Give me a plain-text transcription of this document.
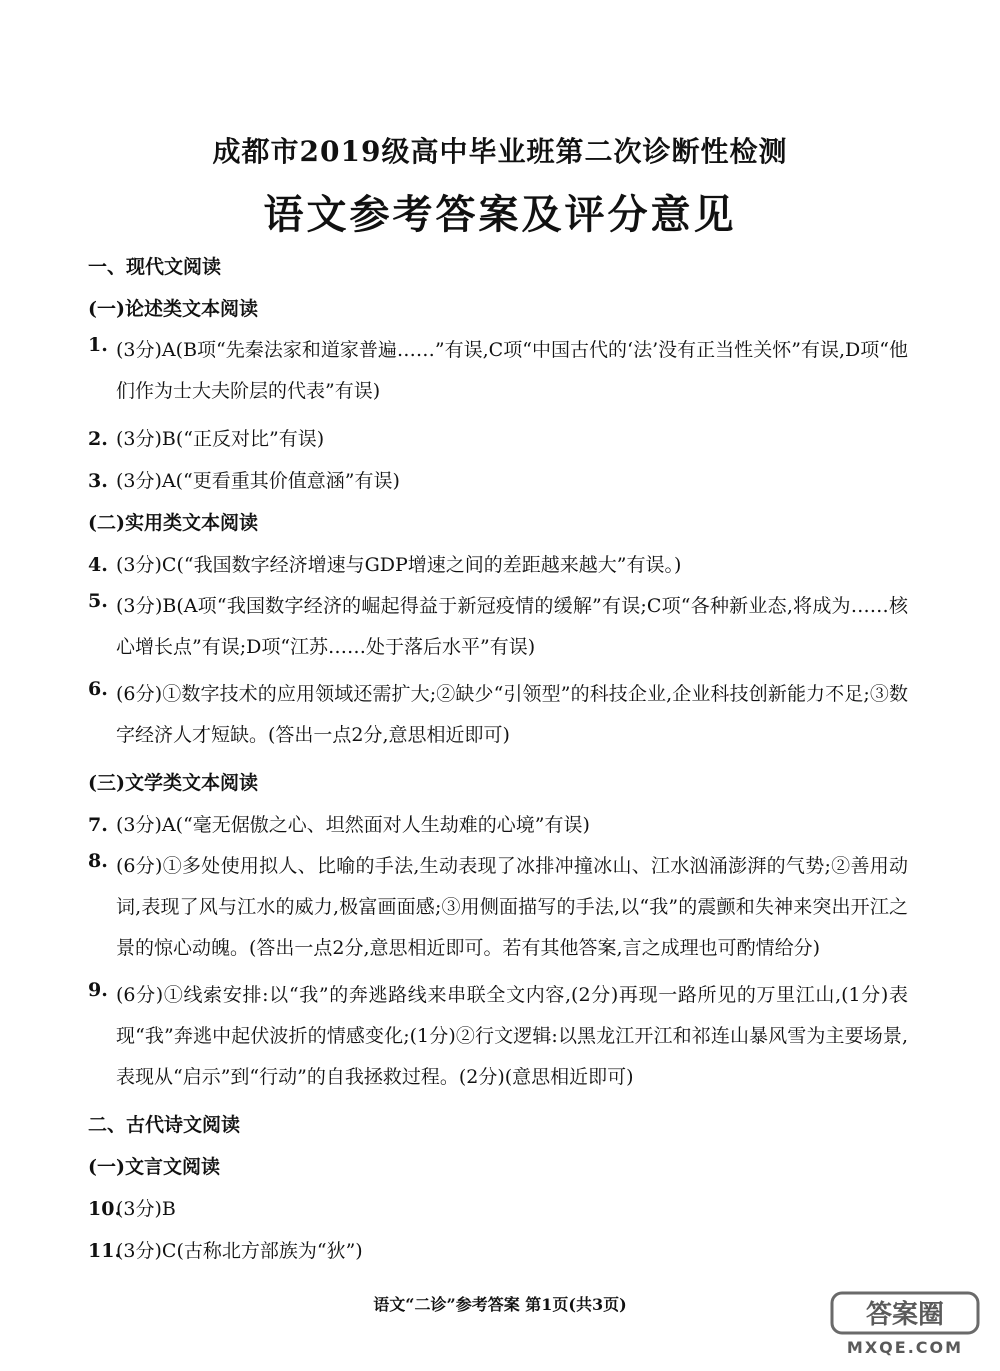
成都市2019级高中毕业班第二次诊断性检测
语文参考答案及评分意见
一、现代文阅读
(一)论述类文本阅读
1. (3分)A(B项“先秦法家和道家普遍……”有误,C项“中国古代的‘法’没有正当性关怀”有误,D项“他们作为士大夫阶层的代表”有误)
2. (3分)B(“正反对比”有误)
3. (3分)A(“更看重其价值意涵”有误)
(二)实用类文本阅读
4. (3分)C(“我国数字经济增速与GDP增速之间的差距越来越大”有误。)
5. (3分)B(A项“我国数字经济的崛起得益于新冠疫情的缓解”有误;C项“各种新业态,将成为……核心增长点”有误;D项“江苏……处于落后水平”有误)
6. (6分)①数字技术的应用领域还需扩大;②缺少“引领型”的科技企业,企业科技创新能力不足;③数字经济人才短缺。(答出一点2分,意思相近即可)
(三)文学类文本阅读
7. (3分)A(“毫无倨傲之心、坦然面对人生劫难的心境”有误)
8. (6分)①多处使用拟人、比喻的手法,生动表现了冰排冲撞冰山、江水汹涌澎湃的气势;②善用动词,表现了风与江水的威力,极富画面感;③用侧面描写的手法,以“我”的震颤和失神来突出开江之景的惊心动魄。(答出一点2分,意思相近即可。若有其他答案,言之成理也可酌情给分)
9. (6分)①线索安排:以“我”的奔逃路线来串联全文内容,(2分)再现一路所见的万里江山,(1分)表现“我”奔逃中起伏波折的情感变化;(1分)②行文逻辑:以黑龙江开江和祁连山暴风雪为主要场景,表现从“启示”到“行动”的自我拯救过程。(2分)(意思相近即可)
二、古代诗文阅读
(一)文言文阅读
10.
(3分)B
11.
(3分)C(古称北方部族为“狄”)
语文“二诊”参考答案 第1页(共3页)	答案圈
MXQE.COM
